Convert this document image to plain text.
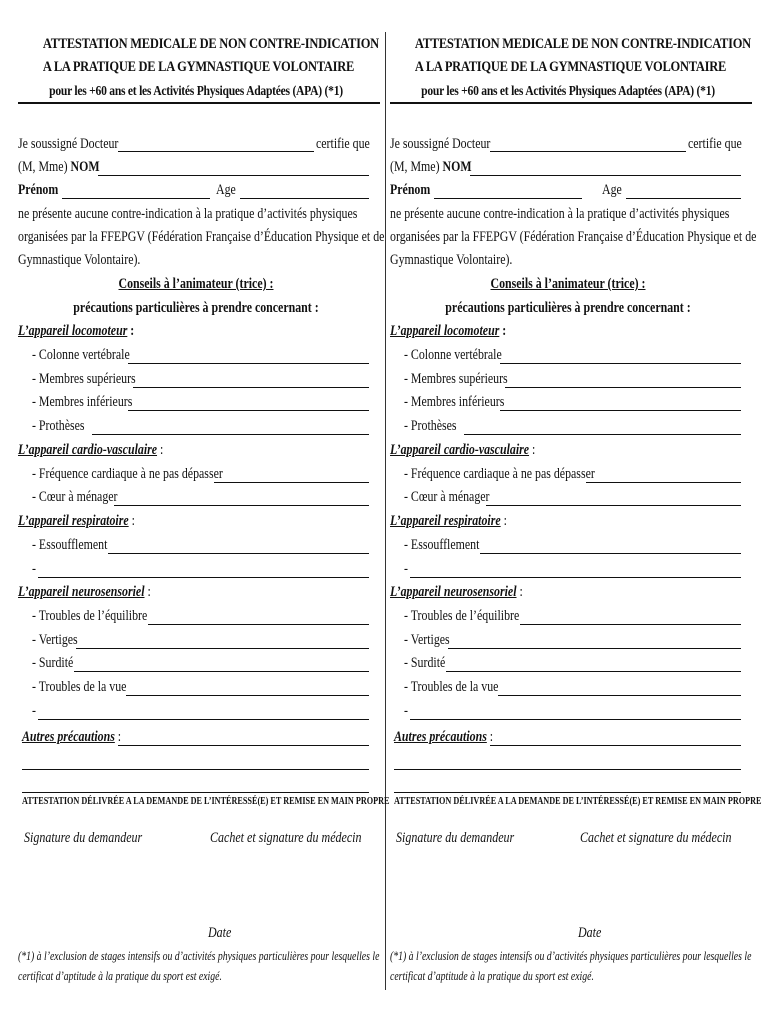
ATTESTATION MEDICALE DE NON CONTRE-INDICATION
A LA PRATIQUE DE LA GYMNASTIQUE VOLONTAIRE
pour les +60 ans et les Activités Physiques Adaptées (APA) (*1)
Je soussigné Docteur	certifie que
(M, Mme) NOM
Prénom	Age
ne présente aucune contre-indication à la pratique d’activités physiques
organisées par la FFEPGV (Fédération Française d’Éducation Physique et de
Gymnastique Volontaire).
Conseils à l’animateur (trice) :
précautions particulières à prendre concernant :
L’appareil locomoteur :
- Colonne vertébrale
- Membres supérieurs
- Membres inférieurs
- Prothèses
L’appareil cardio-vasculaire :
- Fréquence cardiaque à ne pas dépasser
- Cœur à ménager
L’appareil respiratoire :
- Essoufflement
-
L’appareil neurosensoriel :
- Troubles de l’équilibre
- Vertiges
- Surdité
- Troubles de la vue
-
Autres précautions :
ATTESTATION DÉLIVRÉE A LA DEMANDE DE L’INTÉRESSÉ(E) ET REMISE EN MAIN PROPRE
Signature du demandeur	Cachet et signature du médecin
Date
(*1) à l’exclusion de stages intensifs ou d’activités physiques particulières pour lesquelles le
certificat d’aptitude à la pratique du sport est exigé.
ATTESTATION MEDICALE DE NON CONTRE-INDICATION
A LA PRATIQUE DE LA GYMNASTIQUE VOLONTAIRE
pour les +60 ans et les Activités Physiques Adaptées (APA) (*1)
Je soussigné Docteur	certifie que
(M, Mme) NOM
Prénom	Age
ne présente aucune contre-indication à la pratique d’activités physiques
organisées par la FFEPGV (Fédération Française d’Éducation Physique et de
Gymnastique Volontaire).
Conseils à l’animateur (trice) :
précautions particulières à prendre concernant :
L’appareil locomoteur :
- Colonne vertébrale
- Membres supérieurs
- Membres inférieurs
- Prothèses
L’appareil cardio-vasculaire :
- Fréquence cardiaque à ne pas dépasser
- Cœur à ménager
L’appareil respiratoire :
- Essoufflement
-
L’appareil neurosensoriel :
- Troubles de l’équilibre
- Vertiges
- Surdité
- Troubles de la vue
-
Autres précautions :
ATTESTATION DÉLIVRÉE A LA DEMANDE DE L’INTÉRESSÉ(E) ET REMISE EN MAIN PROPRE
Signature du demandeur	Cachet et signature du médecin
Date
(*1) à l’exclusion de stages intensifs ou d’activités physiques particulières pour lesquelles le
certificat d’aptitude à la pratique du sport est exigé.
